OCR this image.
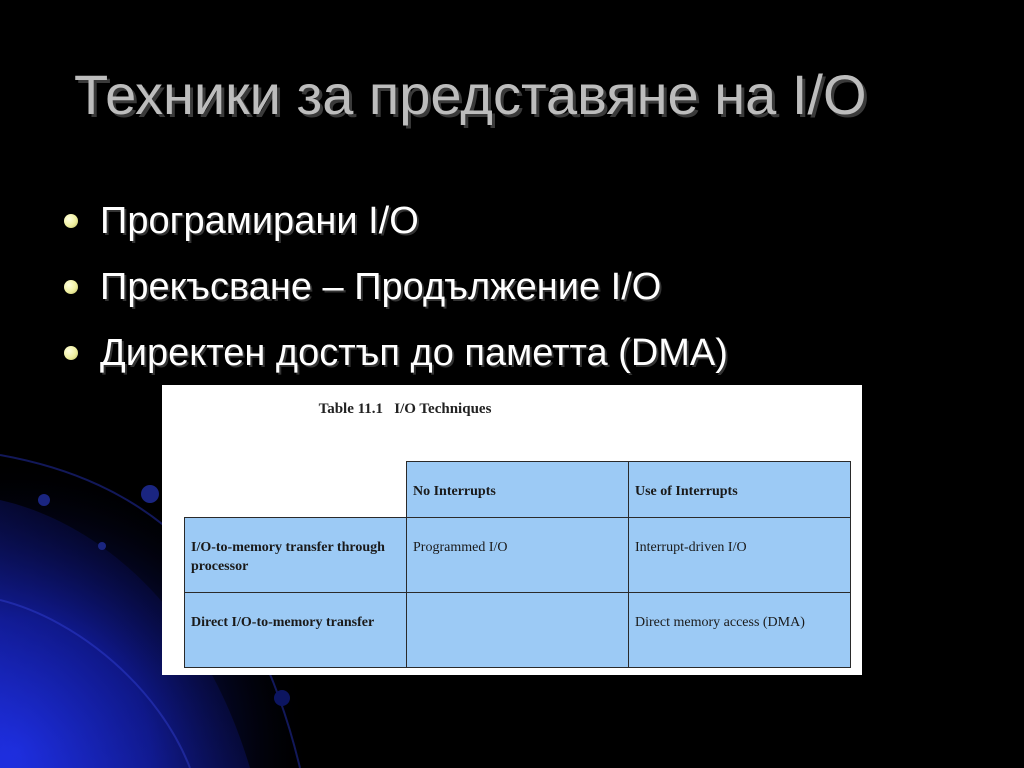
Техники за представяне на I/O
Програмирани I/O
Прекъсване – Продължение I/O
Директен достъп до паметта (DMA)
Table 11.1   I/O Techniques
	No Interrupts	Use of Interrupts
I/O-to-memory transfer through processor	Programmed I/O	Interrupt-driven I/O
Direct I/O-to-memory transfer		Direct memory access (DMA)
